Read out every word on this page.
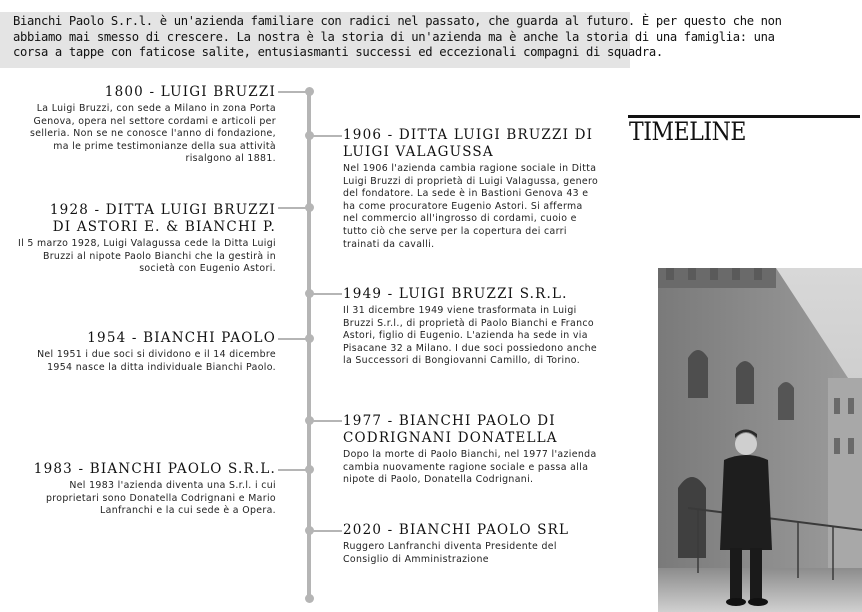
Bianchi Paolo S.r.l. è un'azienda familiare con radici nel passato, che guarda al futuro. È per questo che non abbiamo mai smesso di crescere. La nostra è la storia di un'azienda ma è anche la storia di una famiglia: una corsa a tappe con faticose salite, entusiasmanti successi ed eccezionali compagni di squadra.
1800 - LUIGI BRUZZI

La Luigi Bruzzi, con sede a Milano in zona Porta Genova, opera nel settore cordami e articoli per selleria. Non se ne conosce l'anno di fondazione, ma le prime testimonianze della sua attività risalgono al 1881.

1928 - DITTA LUIGI BRUZZI DI ASTORI E. & BIANCHI P.

Il 5 marzo 1928, Luigi Valagussa cede la Ditta Luigi Bruzzi al nipote Paolo Bianchi che la gestirà in società con Eugenio Astori.

1954 - BIANCHI PAOLO

Nel 1951 i due soci si dividono e il 14 dicembre 1954 nasce la ditta individuale Bianchi Paolo.

1983 - BIANCHI PAOLO S.R.L.

Nel 1983 l'azienda diventa una S.r.l. i cui proprietari sono Donatella Codrignani e Mario Lanfranchi e la cui sede è a Opera.

1906 - DITTA LUIGI BRUZZI DI LUIGI VALAGUSSA

Nel 1906 l'azienda cambia ragione sociale in Ditta Luigi Bruzzi di proprietà di Luigi Valagussa, genero del fondatore. La sede è in Bastioni Genova 43 e ha come procuratore Eugenio Astori. Si afferma nel commercio all'ingrosso di cordami, cuoio e tutto ciò che serve per la copertura dei carri trainati da cavalli.

1949 - LUIGI BRUZZI S.R.L.

Il 31 dicembre 1949 viene trasformata in Luigi Bruzzi S.r.l., di proprietà di Paolo Bianchi e Franco Astori, figlio di Eugenio. L'azienda ha sede in via Pisacane 32 a Milano. I due soci possiedono anche la Successori di Bongiovanni Camillo, di Torino.

1977 - BIANCHI PAOLO DI CODRIGNANI DONATELLA

Dopo la morte di Paolo Bianchi, nel 1977 l'azienda cambia nuovamente ragione sociale e passa alla nipote di Paolo, Donatella Codrignani.

2020 - BIANCHI PAOLO SRL

Ruggero Lanfranchi diventa Presidente del Consiglio di Amministrazione

TIMELINE
